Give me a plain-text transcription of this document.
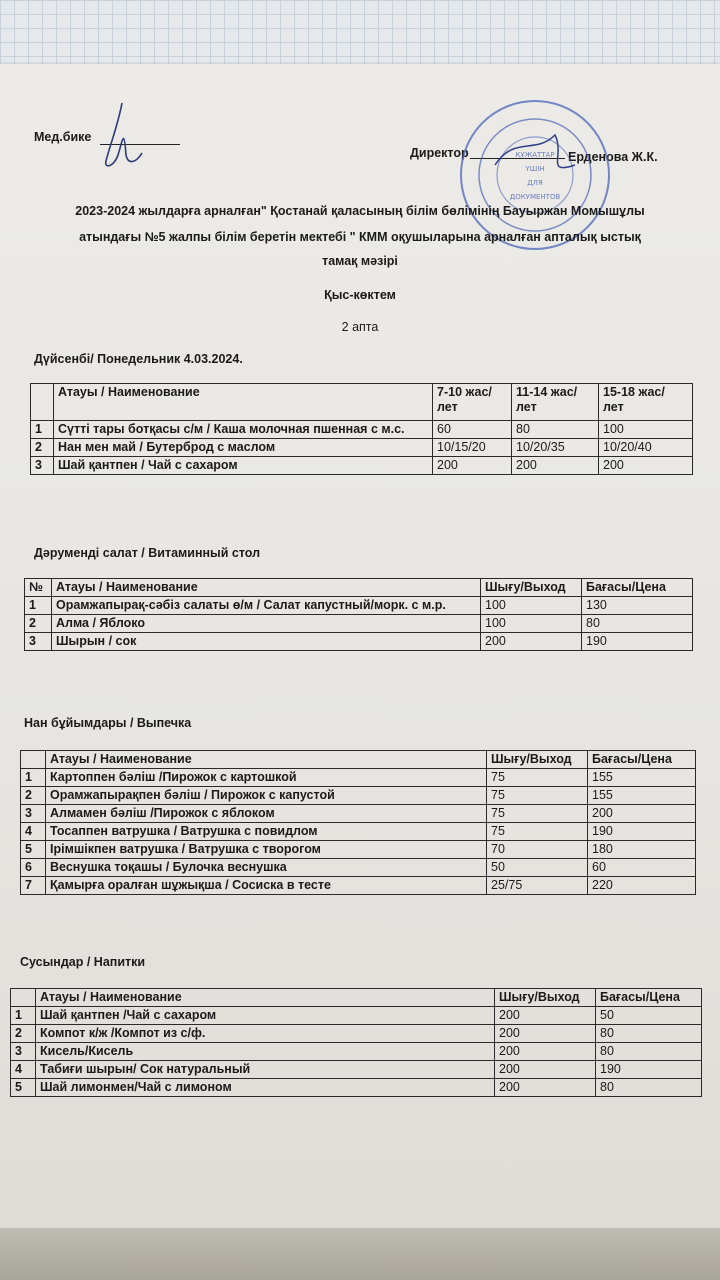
Мед.бике
Директор	Ерденова Ж.К.
ҚҰЖАТТАР
ҮШІН
ДЛЯ
ДОКУМЕНТОВ
2023-2024 жылдарға арналған" Қостанай қаласының білім бөлімінің Бауыржан Момышұлы
атындағы №5 жалпы білім беретін мектебі " КММ оқушыларына арналған апталық ыстық
тамақ мәзірі
Қыс-көктем
2 апта
Дүйсенбі/ Понедельник 4.03.2024.
	Атауы / Наименование	7-10 жас/ лет	11-14 жас/ лет	15-18 жас/ лет
1	Сүтті тары ботқасы с/м / Каша молочная пшенная с м.с.	60	80	100
2	Нан мен май / Бутерброд с маслом	10/15/20	10/20/35	10/20/40
3	Шай қантпен / Чай с сахаром	200	200	200
Дәруменді салат / Витаминный стол
№	Атауы / Наименование	Шығу/Выход	Бағасы/Цена
1	Орамжапырақ-сәбіз салаты ө/м / Салат капустный/морк. с м.р.	100	130
2	Алма / Яблоко	100	80
3	Шырын / сок	200	190
Нан бұйымдары / Выпечка
	Атауы / Наименование	Шығу/Выход	Бағасы/Цена
1	Картоппен бәліш /Пирожок с картошкой	75	155
2	Орамжапырақпен бәліш / Пирожок с капустой	75	155
3	Алмамен бәліш /Пирожок с яблоком	75	200
4	Тосаппен ватрушка / Ватрушка с повидлом	75	190
5	Ірімшікпен ватрушка / Ватрушка с творогом	70	180
6	Веснушка тоқашы / Булочка веснушка	50	60
7	Қамырға оралған шұжықша / Сосиска в тесте	25/75	220
Сусындар / Напитки
	Атауы / Наименование	Шығу/Выход	Бағасы/Цена
1	Шай қантпен /Чай с сахаром	200	50
2	Компот к/ж /Компот из с/ф.	200	80
3	Кисель/Кисель	200	80
4	Табиғи шырын/ Сок натуральный	200	190
5	Шай лимонмен/Чай с лимоном	200	80
